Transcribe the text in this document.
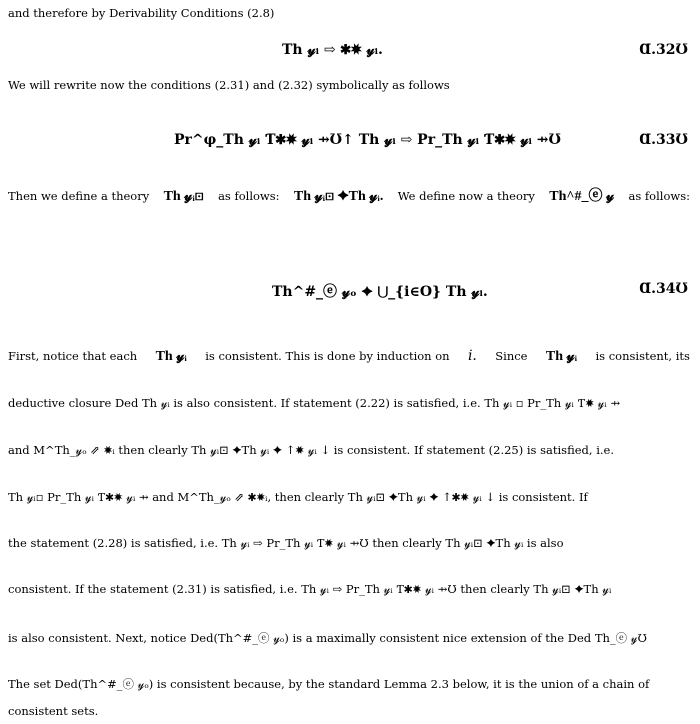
and therefore by Derivability Conditions (2.8)
Th 𝓎ᵢ ⇨ ✱✸ 𝓎ᵢ.	Ɑ.32Ʊ
We will rewrite now the conditions (2.31) and (2.32) symbolically as follows
Pr^φ_Th 𝓎ᵢ Ƭ✱✸ 𝓎ᵢ ⇸Ʊ↑ Th 𝓎ᵢ ⇨ Pr_Th 𝓎ᵢ Ƭ✱✸ 𝓎ᵢ ⇸Ʊ	Ɑ.33Ʊ
Then we define a theory Th 𝓎ᵢ⊡ as follows: Th 𝓎ᵢ⊡ ✦Th 𝓎ᵢ. We define now a theory Th^#_ⓔ 𝓎 as follows:
Th^#_ⓔ 𝓎ₒ ✦ ⋃_{i∈O} Th 𝓎ᵢ.	Ɑ.34Ʊ
First, notice that each Th 𝓎ᵢ is consistent. This is done by induction on i. Since Th 𝓎ᵢ is consistent, its
deductive closure Ded Th 𝓎ᵢ is also consistent. If statement (2.22) is satisfied, i.e. Th 𝓎ᵢ ▫ Pr_Th 𝓎ᵢ Ƭ✸ 𝓎ᵢ ⇸
and M^Th_𝓎ₒ ⇗ ✸ᵢ then clearly Th 𝓎ᵢ⊡ ✦Th 𝓎ᵢ ✦ ↑✸ 𝓎ᵢ ↓ is consistent. If statement (2.25) is satisfied, i.e.
Th 𝓎ᵢ▫ Pr_Th 𝓎ᵢ Ƭ✱✸ 𝓎ᵢ ⇸ and M^Th_𝓎ₒ ⇗ ✱✸ᵢ, then clearly Th 𝓎ᵢ⊡ ✦Th 𝓎ᵢ ✦ ↑✱✸ 𝓎ᵢ ↓ is consistent. If
the statement (2.28) is satisfied, i.e. Th 𝓎ᵢ ⇨ Pr_Th 𝓎ᵢ Ƭ✸ 𝓎ᵢ ⇸Ʊ then clearly Th 𝓎ᵢ⊡ ✦Th 𝓎ᵢ is also
consistent. If the statement (2.31) is satisfied, i.e. Th 𝓎ᵢ ⇨ Pr_Th 𝓎ᵢ Ƭ✱✸ 𝓎ᵢ ⇸Ʊ then clearly Th 𝓎ᵢ⊡ ✦Th 𝓎ᵢ
is also consistent. Next, notice Ded(Th^#_ⓔ 𝓎ₒ) is a maximally consistent nice extension of the Ded Th_ⓔ 𝓎Ʊ
The set Ded(Th^#_ⓔ 𝓎ₒ) is consistent because, by the standard Lemma 2.3 below, it is the union of a chain of
consistent sets.
